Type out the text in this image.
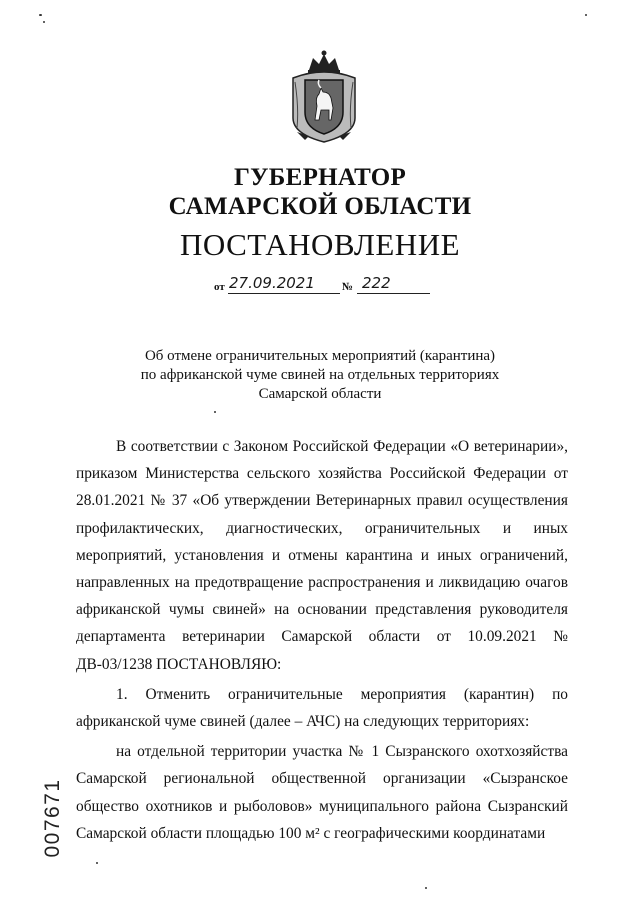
ГУБЕРНАТОР
САМАРСКОЙ ОБЛАСТИ
ПОСТАНОВЛЕНИЕ
от 27.09.2021 № 222
Об отмене ограничительных мероприятий (карантина)
по африканской чуме свиней на отдельных территориях
Самарской области

В соответствии с Законом Российской Федерации «О ветеринарии», приказом Министерства сельского хозяйства Российской Федерации от 28.01.2021 № 37 «Об утверждении Ветеринарных правил осуществления профилактических, диагностических, ограничительных и иных мероприятий, установления и отмены карантина и иных ограничений, направленных на предотвращение распространения и ликвидацию очагов африканской чумы свиней» на основании представления руководителя департамента ветеринарии Самарской области от 10.09.2021 № ДВ-03/1238 ПОСТАНОВЛЯЮ:

1. Отменить ограничительные мероприятия (карантин) по африканской чуме свиней (далее – АЧС) на следующих территориях:

на отдельной территории участка № 1 Сызранского охотхозяйства Самарской региональной общественной организации «Сызранское общество охотников и рыболовов» муниципального района Сызранский Самарской области площадью 100 м² с географическими координатами

007671
